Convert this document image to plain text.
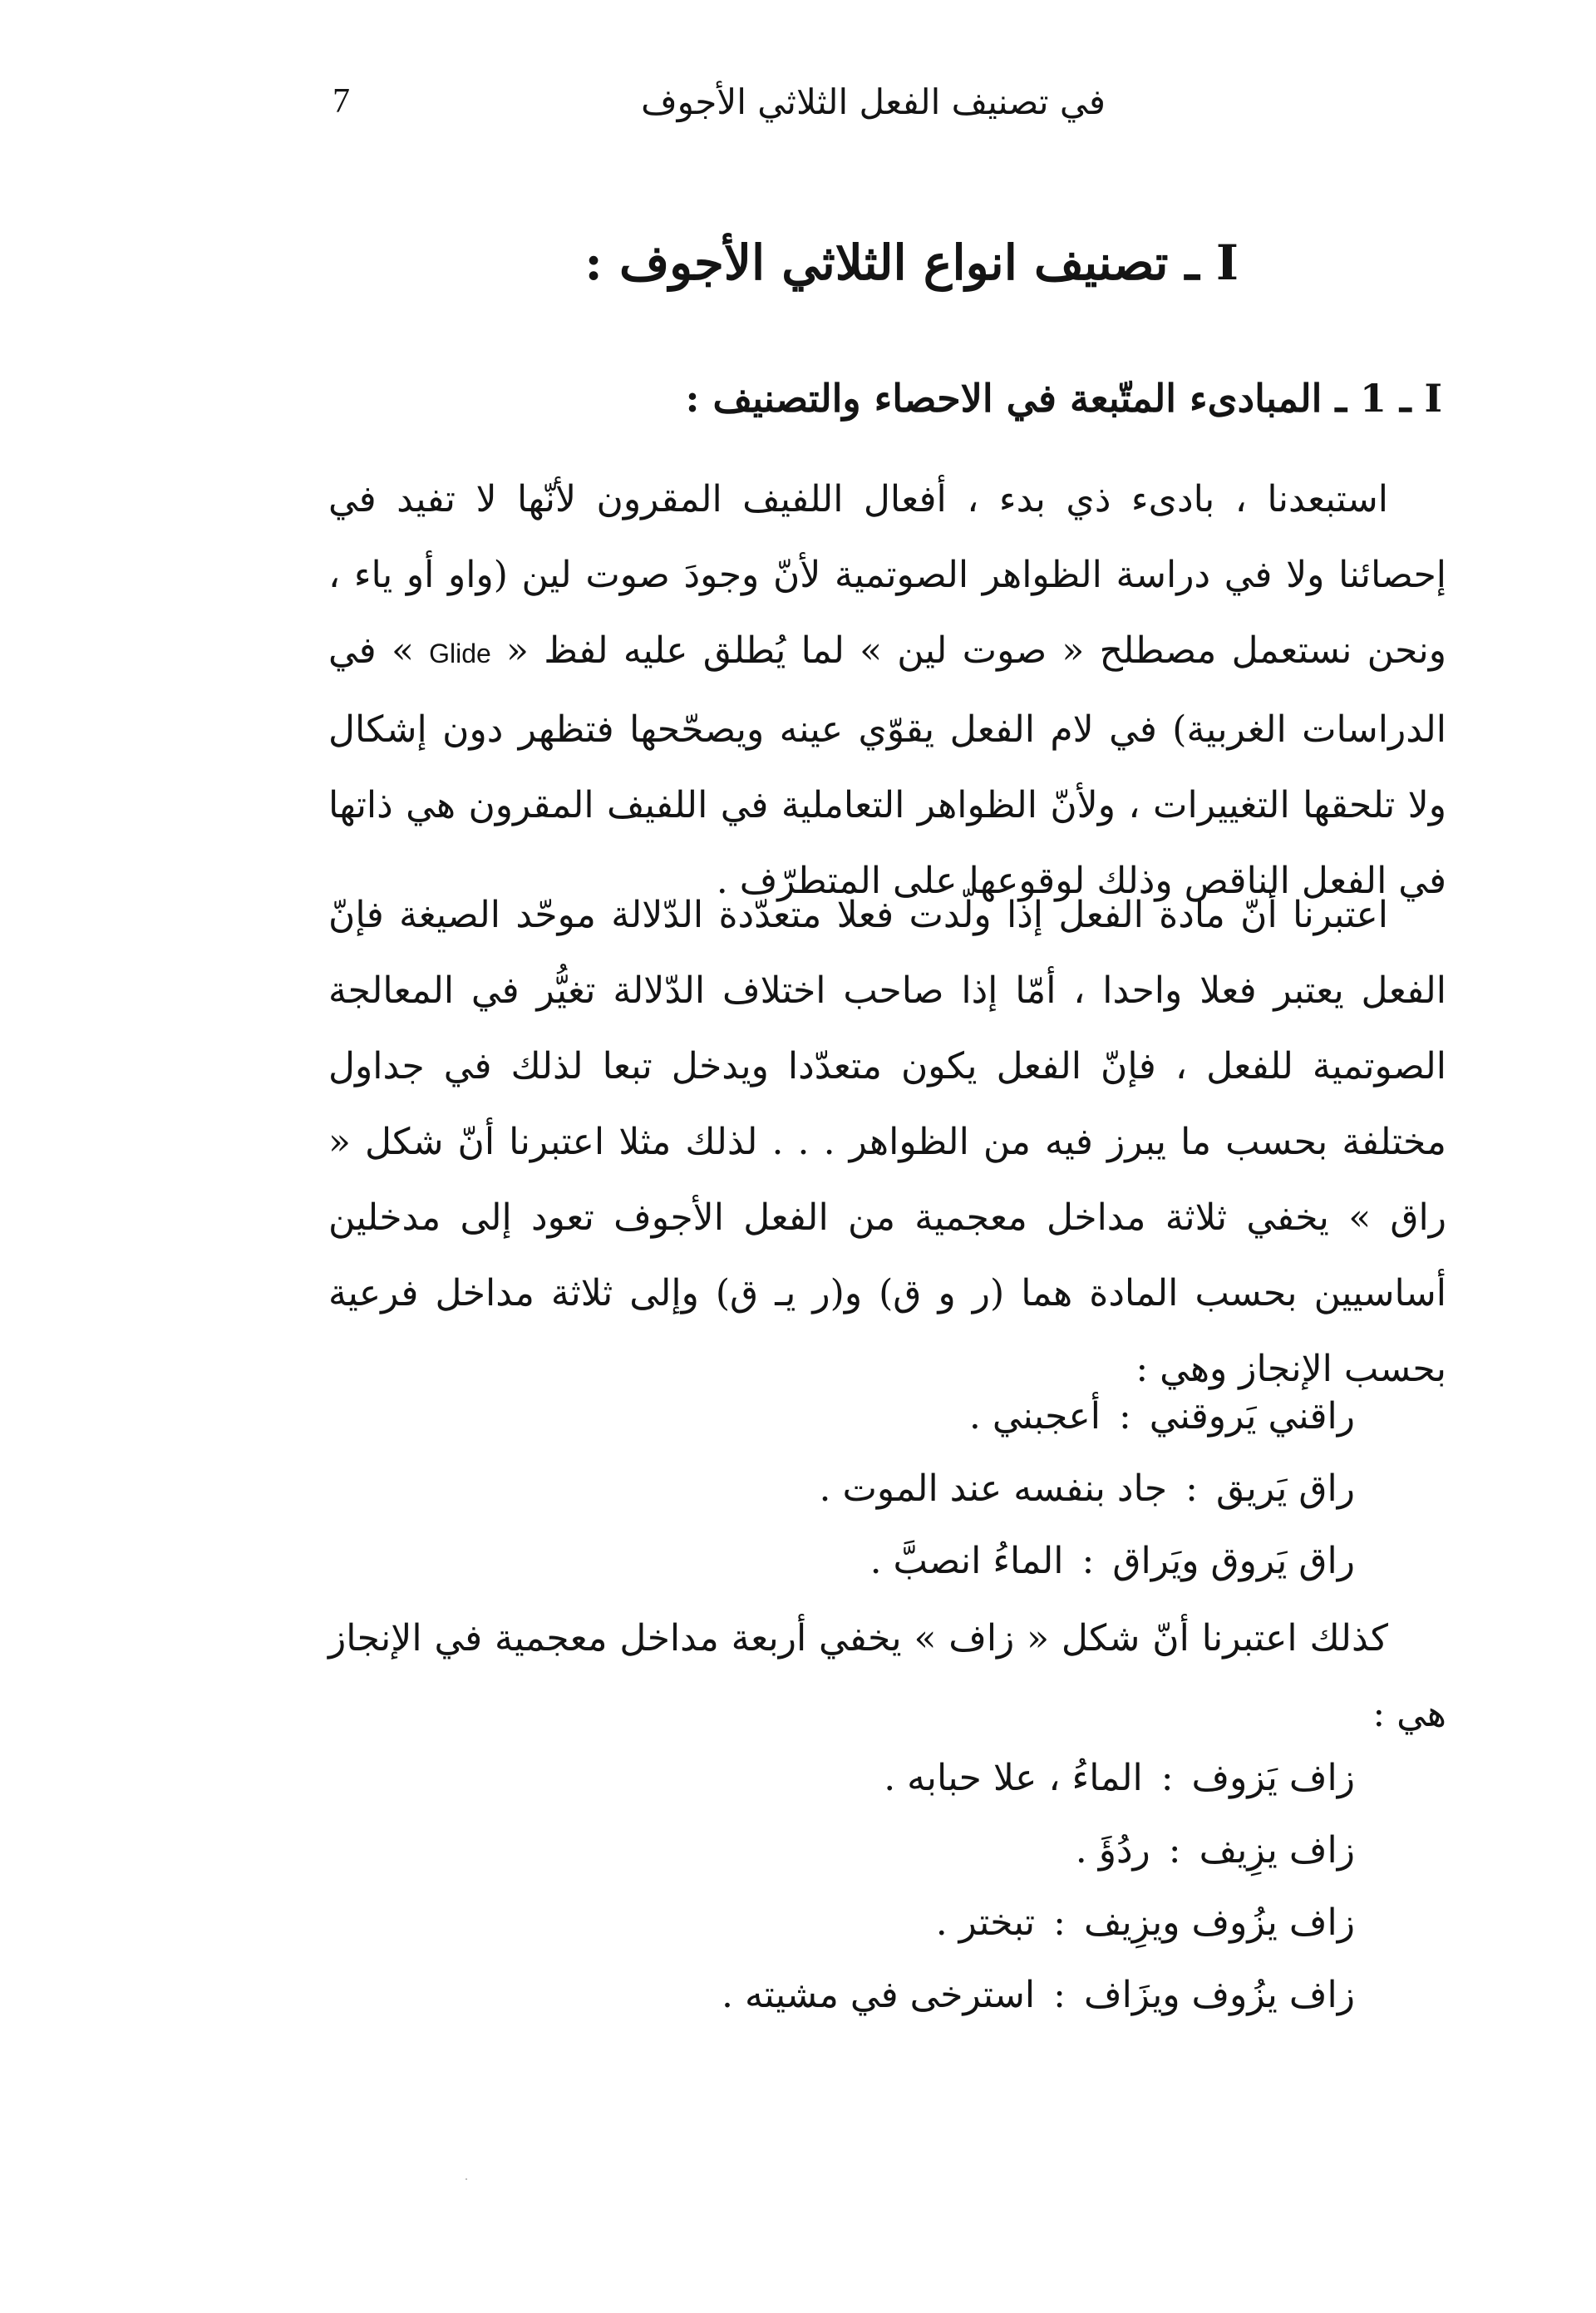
7	في تصنيف الفعل الثلاثي الأجوف
I ـ تصنيف انواع الثلاثي الأجوف :
I ـ 1 ـ المبادىء المتّبعة في الاحصاء والتصنيف :

استبعدنا ، بادىء ذي بدء ، أفعال اللفيف المقرون لأنّها لا تفيد في إحصائنا ولا في دراسة الظواهر الصوتمية لأنّ وجودَ صوت لين (واو أو ياء ، ونحن نستعمل مصطلح « صوت لين » لما يُطلق عليه لفظ « Glide » في الدراسات الغربية) في لام الفعل يقوّي عينه ويصحّحها فتظهر دون إشكال ولا تلحقها التغييرات ، ولأنّ الظواهر التعاملية في اللفيف المقرون هي ذاتها في الفعل الناقص وذلك لوقوعها على المتطرّف .

اعتبرنا أنّ مادة الفعل إذا ولّدت فعلا متعدّدة الدّلالة موحّد الصيغة فإنّ الفعل يعتبر فعلا واحدا ، أمّا إذا صاحب اختلاف الدّلالة تغيُّر في المعالجة الصوتمية للفعل ، فإنّ الفعل يكون متعدّدا ويدخل تبعا لذلك في جداول مختلفة بحسب ما يبرز فيه من الظواهر . . . لذلك مثلا اعتبرنا أنّ شكل « راق » يخفي ثلاثة مداخل معجمية من الفعل الأجوف تعود إلى مدخلين أساسيين بحسب المادة هما (ر و ق) و(ر يـ ق) وإلى ثلاثة مداخل فرعية بحسب الإنجاز وهي :

راقني يَروقني:أعجبني .
راق يَريق:جاد بنفسه عند الموت .
راق يَروق ويَراق:الماءُ انصبَّ .

كذلك اعتبرنا أنّ شكل « زاف » يخفي أربعة مداخل معجمية في الإنجاز هي :

زاف يَزوف:الماءُ ، علا حبابه .
زاف يزِيف:ردُؤَ .
زاف يزُوف ويزِيف:تبختر .
زاف يزُوف ويزَاف:استرخى في مشيته .
